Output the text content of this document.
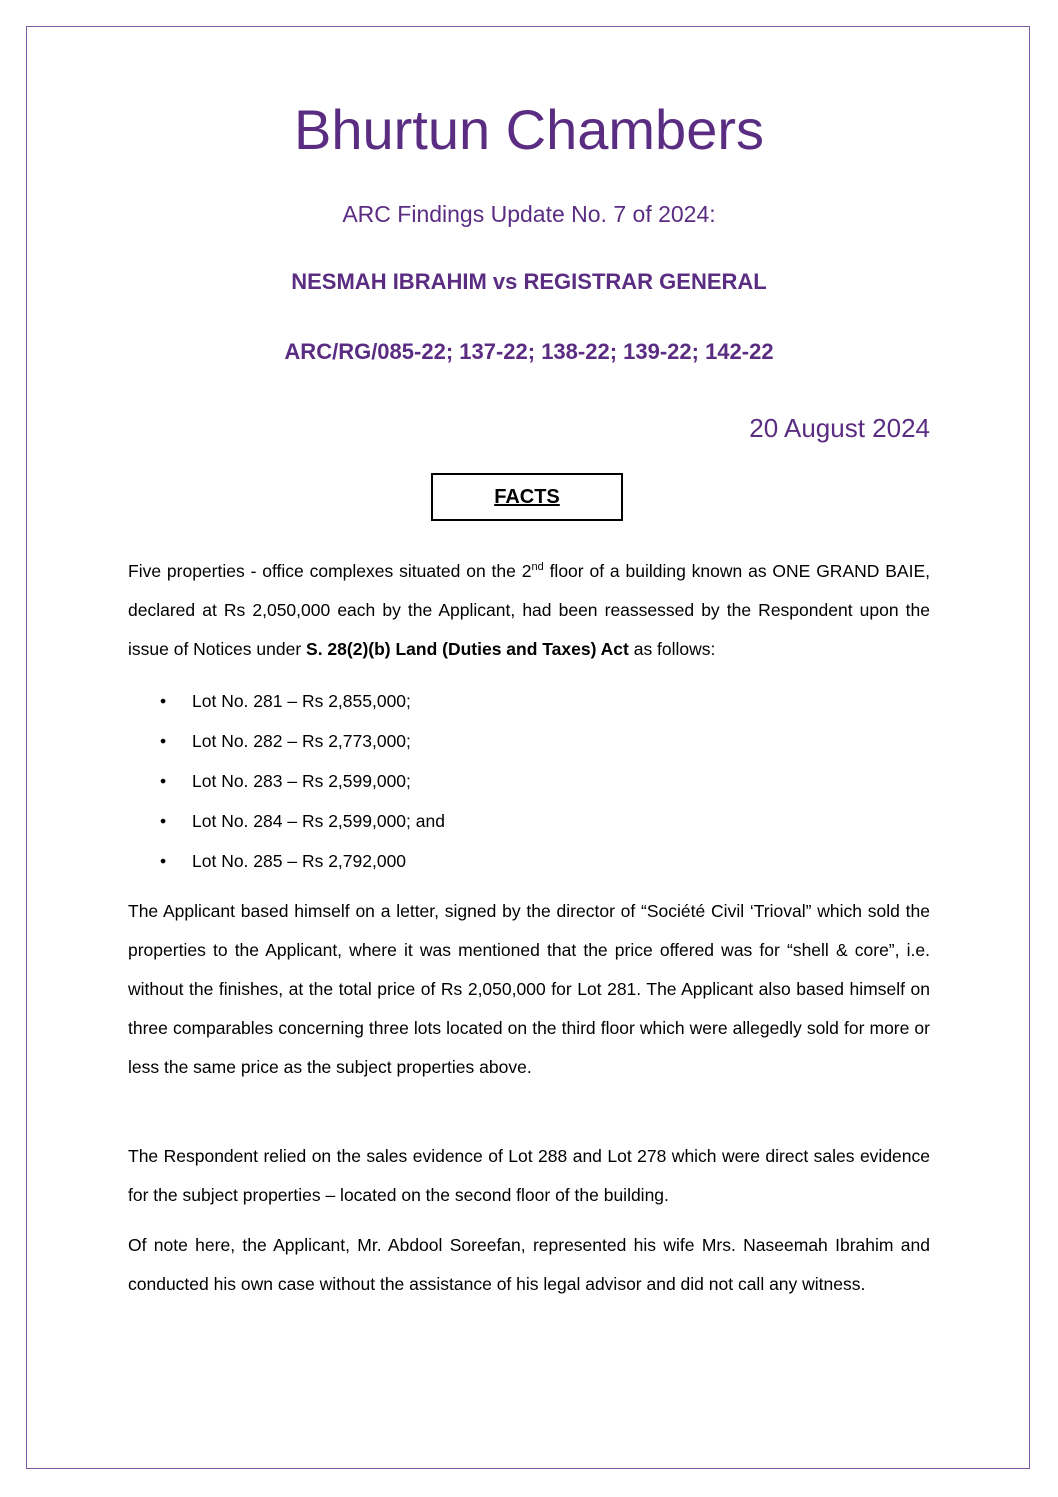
Bhurtun Chambers
ARC Findings Update No. 7 of 2024:
NESMAH IBRAHIM vs REGISTRAR GENERAL
ARC/RG/085-22; 137-22; 138-22; 139-22; 142-22
20 August 2024
FACTS

Five properties - office complexes situated on the 2nd floor of a building known as ONE GRAND BAIE, declared at Rs 2,050,000 each by the Applicant, had been reassessed by the Respondent upon the issue of Notices under S. 28(2)(b) Land (Duties and Taxes) Act as follows:

• Lot No. 281 – Rs 2,855,000;
• Lot No. 282 – Rs 2,773,000;
• Lot No. 283 – Rs 2,599,000;
• Lot No. 284 – Rs 2,599,000; and
• Lot No. 285 – Rs 2,792,000

The Applicant based himself on a letter, signed by the director of “Société Civil ‘Trioval” which sold the properties to the Applicant, where it was mentioned that the price offered was for “shell & core”, i.e. without the finishes, at the total price of Rs 2,050,000 for Lot 281. The Applicant also based himself on three comparables concerning three lots located on the third floor which were allegedly sold for more or less the same price as the subject properties above.

The Respondent relied on the sales evidence of Lot 288 and Lot 278 which were direct sales evidence for the subject properties – located on the second floor of the building.

Of note here, the Applicant, Mr. Abdool Soreefan, represented his wife Mrs. Naseemah Ibrahim and conducted his own case without the assistance of his legal advisor and did not call any witness.
